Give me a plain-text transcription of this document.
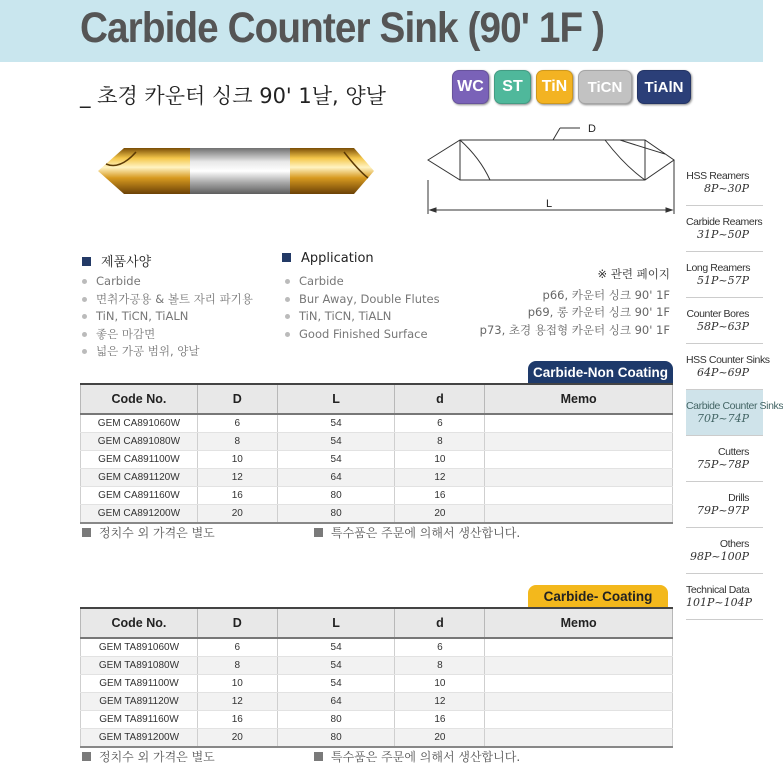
Carbide Counter Sink (90' 1F )
_ 초경 카운터 싱크 90' 1날, 양날	WC	ST	TiN	TiCN	TiAlN
D
L
제품사양
Carbide
면취가공용 & 볼트 자리 파기용
TiN, TiCN, TiALN
좋은 마감면
넓은 가공 범위, 양날
Application
Carbide
Bur Away, Double Flutes
TiN, TiCN, TiALN
Good Finished Surface
※ 관련 페이지
p66, 카운터 싱크 90' 1F
p69, 롱 카운터 싱크 90' 1F
p73, 초경 용접형 카운터 싱크 90' 1F
Carbide-Non Coating
Code No.	D	L	d	Memo
GEM CA891060W	6	54	6	
GEM CA891080W	8	54	8	
GEM CA891100W	10	54	10	
GEM CA891120W	12	64	12	
GEM CA891160W	16	80	16	
GEM CA891200W	20	80	20	
정치수 외 가격은 별도	특수품은 주문에 의해서 생산합니다.
Carbide- Coating
Code No.	D	L	d	Memo
GEM TA891060W	6	54	6	
GEM TA891080W	8	54	8	
GEM TA891100W	10	54	10	
GEM TA891120W	12	64	12	
GEM TA891160W	16	80	16	
GEM TA891200W	20	80	20	
정치수 외 가격은 별도	특수품은 주문에 의해서 생산합니다.
HSS Reamers
8P~30P
Carbide Reamers
31P~50P
Long Reamers
51P~57P
Counter Bores
58P~63P
HSS Counter Sinks
64P~69P
Carbide Counter Sinks
70P~74P
Cutters
75P~78P
Drills
79P~97P
Others
98P~100P
Technical Data
101P~104P
